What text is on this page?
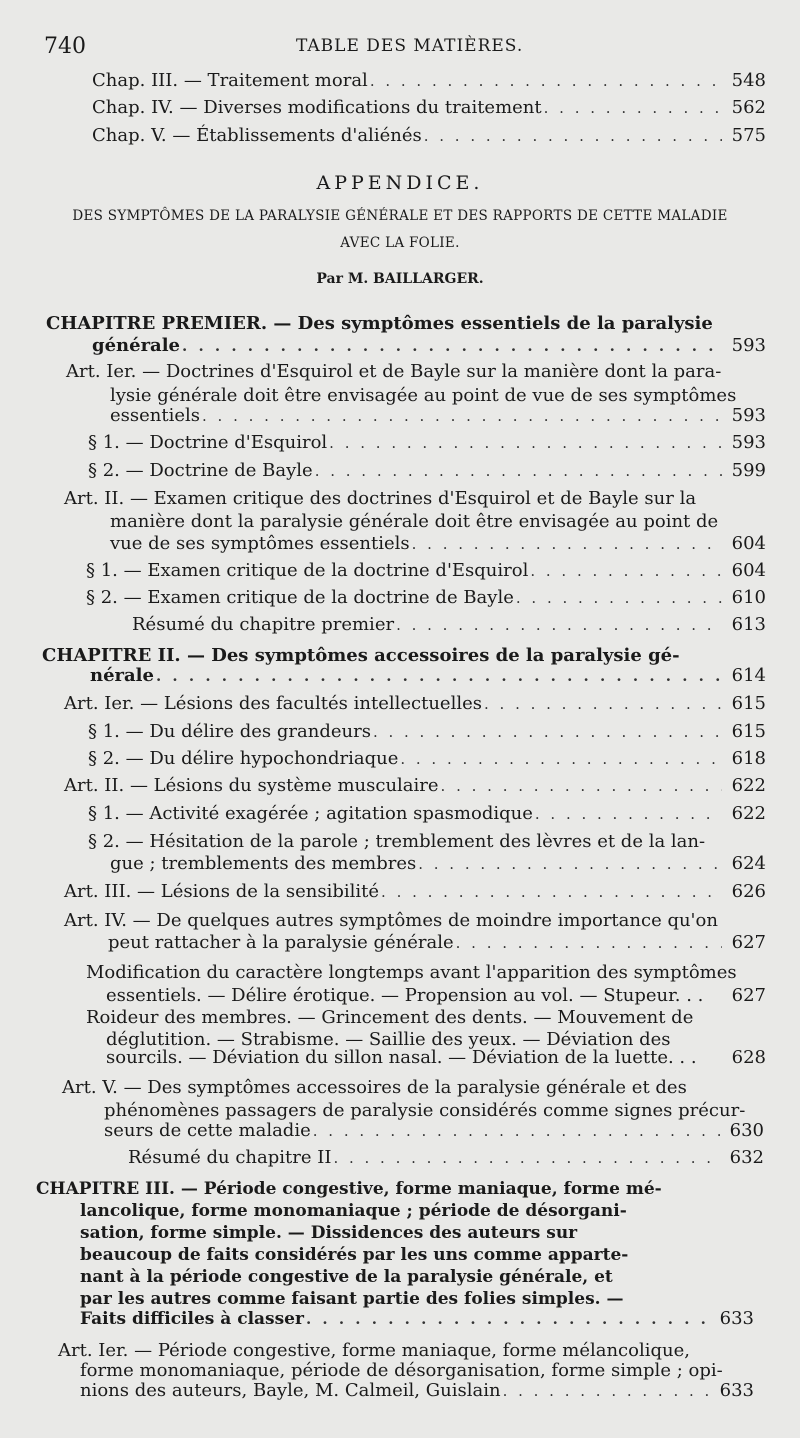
740	TABLE DES MATIÈRES.
Chap. III. — Traitement moral . . .	548
Chap. IV. — Diverses modifications du traitement . . .	562
Chap. V. — Établissements d'aliénés . . .	575
APPENDICE.
DES SYMPTÔMES DE LA PARALYSIE GÉNÉRALE ET DES RAPPORTS DE CETTE MALADIE
AVEC LA FOLIE.
Par M. BAILLARGER.
CHAPITRE PREMIER. — Des symptômes essentiels de la paralysie
générale . . .	593
Art. Ier. — Doctrines d'Esquirol et de Bayle sur la manière dont la para-
lysie générale doit être envisagée au point de vue de ses symptômes
essentiels . . .	593
§ 1. — Doctrine d'Esquirol . . .	593
§ 2. — Doctrine de Bayle . . .	599
Art. II. — Examen critique des doctrines d'Esquirol et de Bayle sur la
manière dont la paralysie générale doit être envisagée au point de
vue de ses symptômes essentiels . . .	604
§ 1. — Examen critique de la doctrine d'Esquirol . . .	604
§ 2. — Examen critique de la doctrine de Bayle . . .	610
Résumé du chapitre premier . . .	613
CHAPITRE II. — Des symptômes accessoires de la paralysie gé-
nérale . . .	614
Art. Ier. — Lésions des facultés intellectuelles . . .	615
§ 1. — Du délire des grandeurs . . .	615
§ 2. — Du délire hypochondriaque . . .	618
Art. II. — Lésions du système musculaire . . .	622
§ 1. — Activité exagérée ; agitation spasmodique . . .	622
§ 2. — Hésitation de la parole ; tremblement des lèvres et de la lan-
gue ; tremblements des membres . . .	624
Art. III. — Lésions de la sensibilité . . .	626
Art. IV. — De quelques autres symptômes de moindre importance qu'on
peut rattacher à la paralysie générale . . .	627
Modification du caractère longtemps avant l'apparition des symptômes
essentiels. — Délire érotique. — Propension au vol. — Stupeur. . .	627
Roideur des membres. — Grincement des dents. — Mouvement de
déglutition. — Strabisme. — Saillie des yeux. — Déviation des
sourcils. — Déviation du sillon nasal. — Déviation de la luette. . .	628
Art. V. — Des symptômes accessoires de la paralysie générale et des
phénomènes passagers de paralysie considérés comme signes précur-
seurs de cette maladie . . .	630
Résumé du chapitre II . . .	632
CHAPITRE III. — Période congestive, forme maniaque, forme mé-
lancolique, forme monomaniaque ; période de désorgani-
sation, forme simple. — Dissidences des auteurs sur
beaucoup de faits considérés par les uns comme apparte-
nant à la période congestive de la paralysie générale, et
par les autres comme faisant partie des folies simples. —
Faits difficiles à classer . . .	633
Art. Ier. — Période congestive, forme maniaque, forme mélancolique,
forme monomaniaque, période de désorganisation, forme simple ; opi-
nions des auteurs, Bayle, M. Calmeil, Guislain . . .	633
